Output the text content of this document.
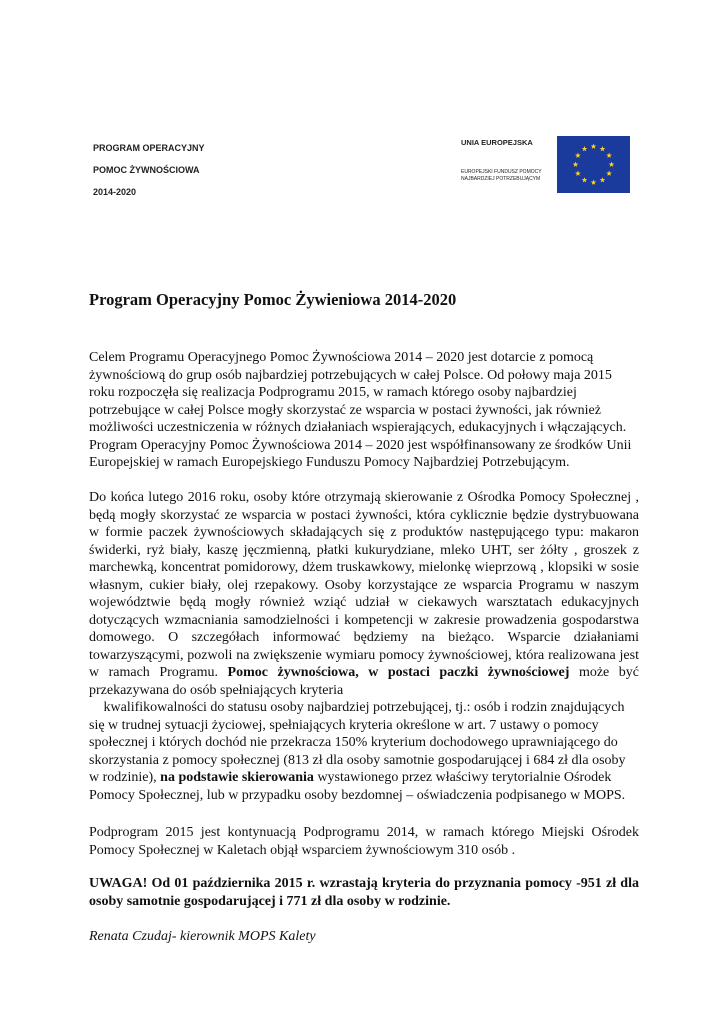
PROGRAM OPERACYJNY
POMOC ŻYWNOŚCIOWA
2014-2020
UNIA EUROPEJSKA
EUROPEJSKI FUNDUSZ POMOCY
NAJBARDZIEJ POTRZEBUJĄCYM
Program Operacyjny Pomoc Żywieniowa 2014-2020
Celem Programu Operacyjnego Pomoc Żywnościowa 2014 – 2020 jest dotarcie z pomocą żywnościową do grup osób najbardziej potrzebujących w całej Polsce. Od połowy maja 2015 roku rozpoczęła się realizacja Podprogramu 2015, w ramach którego osoby najbardziej potrzebujące w całej Polsce mogły skorzystać ze wsparcia w postaci żywności, jak również możliwości uczestniczenia w różnych działaniach wspierających, edukacyjnych i włączających. Program Operacyjny Pomoc Żywnościowa 2014 – 2020 jest współfinansowany ze środków Unii Europejskiej w ramach Europejskiego Funduszu Pomocy Najbardziej Potrzebującym.
Do końca lutego 2016 roku, osoby które otrzymają skierowanie z Ośrodka Pomocy Społecznej , będą mogły skorzystać ze wsparcia w postaci żywności, która cyklicznie będzie dystrybuowana w formie paczek żywnościowych składających się z produktów następującego typu: makaron świderki, ryż biały, kaszę jęczmienną, płatki kukurydziane, mleko UHT, ser żółty , groszek z marchewką, koncentrat pomidorowy, dżem truskawkowy, mielonkę wieprzową , klopsiki w sosie własnym, cukier biały, olej rzepakowy. Osoby korzystające ze wsparcia Programu w naszym województwie będą mogły również wziąć udział w ciekawych warsztatach edukacyjnych dotyczących wzmacniania samodzielności i kompetencji w zakresie prowadzenia gospodarstwa domowego. O szczegółach informować będziemy na bieżąco. Wsparcie działaniami towarzyszącymi, pozwoli na zwiększenie wymiaru pomocy żywnościowej, która realizowana jest w ramach Programu. Pomoc żywnościowa, w postaci paczki żywnościowej może być przekazywana do osób spełniających kryteria
kwalifikowalności do statusu osoby najbardziej potrzebującej, tj.: osób i rodzin znajdujących
się w trudnej sytuacji życiowej, spełniających kryteria określone w art. 7 ustawy o pomocy społecznej i których dochód nie przekracza 150% kryterium dochodowego uprawniającego do skorzystania z pomocy społecznej (813 zł dla osoby samotnie gospodarującej i 684 zł dla osoby w rodzinie), na podstawie skierowania wystawionego przez właściwy terytorialnie Ośrodek Pomocy Społecznej, lub w przypadku osoby bezdomnej – oświadczenia podpisanego w MOPS.
Podprogram 2015 jest kontynuacją Podprogramu 2014, w ramach którego Miejski Ośrodek Pomocy Społecznej w Kaletach objął wsparciem żywnościowym 310 osób .
UWAGA! Od 01 października 2015 r. wzrastają kryteria do przyznania pomocy -951 zł dla osoby samotnie gospodarującej i 771 zł dla osoby w rodzinie.
Renata Czudaj- kierownik MOPS Kalety
